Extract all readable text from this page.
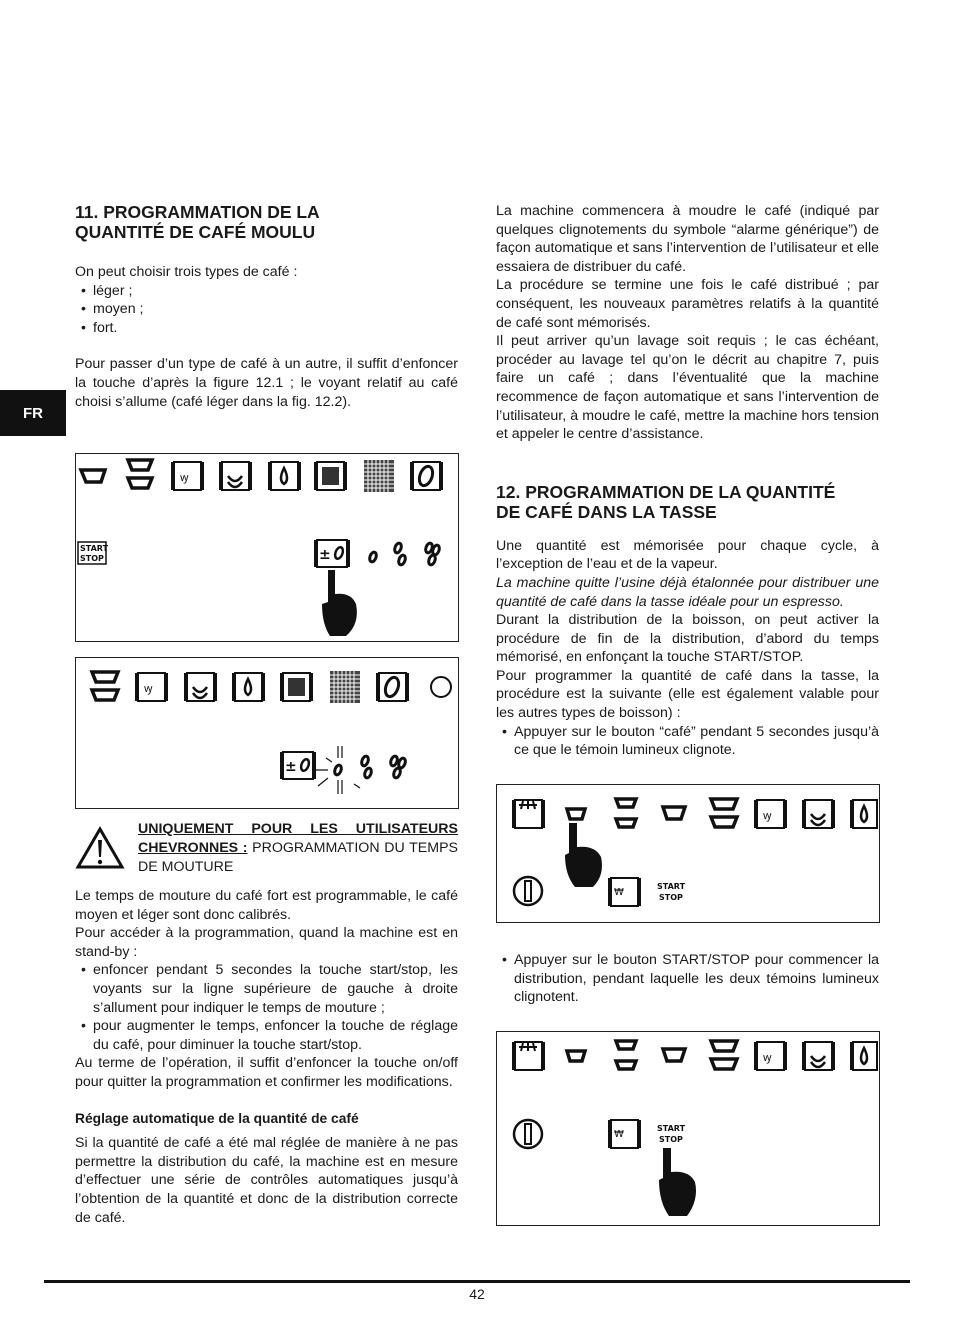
FR
11. PROGRAMMATION DE LA
QUANTITÉ DE CAFÉ MOULU

On peut choisir trois types de café :

• léger ;
• moyen ;
• fort.

Pour passer d’un type de café à un autre, il suffit d’enfoncer la touche d’après la figure 12.1 ; le voyant relatif au café choisi s’allume (café léger dans la fig. 12.2).

ꝡ
START
STOP	±
ꝡ
±
UNIQUEMENT POUR LES UTILISATEURS CHEVRONNES : PROGRAMMATION DU TEMPS DE MOUTURE

Le temps de mouture du café fort est programmable, le café moyen et léger sont donc calibrés.

Pour accéder à la programmation, quand la machine est en stand-by :

• enfoncer pendant 5 secondes la touche start/stop, les voyants sur la ligne supérieure de gauche à droite s’allument pour indiquer le temps de mouture ;
• pour augmenter le temps, enfoncer la touche de réglage du café, pour diminuer la touche start/stop.

Au terme de l’opération, il suffit d’enfoncer la touche on/off pour quitter la programmation et confirmer les modifications.

Réglage automatique de la quantité de café

Si la quantité de café a été mal réglée de manière à ne pas permettre la distribution du café, la machine est en mesure d’effectuer une série de contrôles automatiques jusqu’à l’obtention de la quantité et donc de la distribution correcte de café.

La machine commencera à moudre le café (indiqué par quelques clignotements du symbole “alarme générique”) de façon automatique et sans l’intervention de l’utilisateur et elle essaiera de distribuer du café.

La procédure se termine une fois le café distribué ; par conséquent, les nouveaux paramètres relatifs à la quantité de café sont mémorisés.

Il peut arriver qu’un lavage soit requis ; le cas échéant, procéder au lavage tel qu’on le décrit au chapitre 7, puis faire un café ; dans l’éventualité que la machine recommence de façon automatique et sans l’intervention de l’utilisateur, à moudre le café, mettre la machine hors tension et appeler le centre d’assistance.

12. PROGRAMMATION DE LA QUANTITÉ
DE CAFÉ DANS LA TASSE

Une quantité est mémorisée pour chaque cycle, à l’exception de l’eau et de la vapeur.

La machine quitte l’usine déjà étalonnée pour distribuer une quantité de café dans la tasse idéale pour un espresso.

Durant la distribution de la boisson, on peut activer la procédure de fin de la distribution, d’abord du temps mémorisé, en enfonçant la touche START/STOP.

Pour programmer la quantité de café dans la tasse, la procédure est la suivante (elle est également valable pour les autres types de boisson) :

• Appuyer sur le bouton “café” pendant 5 secondes jusqu’à ce que le témoin lumineux clignote.
ꝡ
₩
START
STOP
• Appuyer sur le bouton START/STOP pour commencer la distribution, pendant laquelle les deux témoins lumineux clignotent.
ꝡ
₩
START
STOP
42
